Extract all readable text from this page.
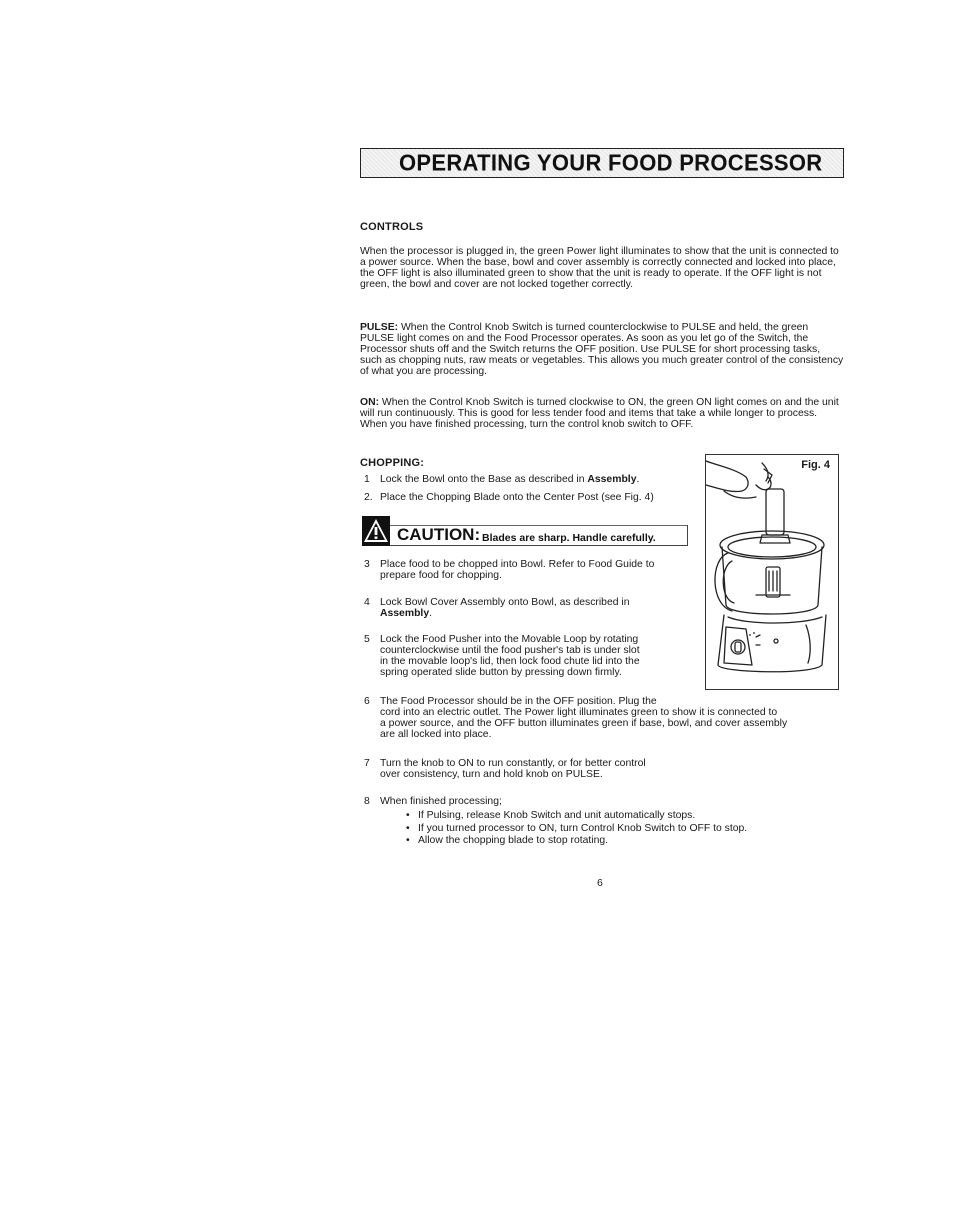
OPERATING YOUR FOOD PROCESSOR
CONTROLS

When the processor is plugged in, the green Power light illuminates to show that the unit is connected to a power source. When the base, bowl and cover assembly is correctly connected and locked into place, the OFF light is also illuminated green to show that the unit is ready to operate. If the OFF light is not green, the bowl and cover are not locked together correctly.

PULSE: When the Control Knob Switch is turned counterclockwise to PULSE and held, the green PULSE light comes on and the Food Processor operates. As soon as you let go of the Switch, the Processor shuts off and the Switch returns the OFF position. Use PULSE for short processing tasks, such as chopping nuts, raw meats or vegetables. This allows you much greater control of the consistency of what you are processing.

ON: When the Control Knob Switch is turned clockwise to ON, the green ON light comes on and the unit will run continuously. This is good for less tender food and items that take a while longer to process. When you have finished processing, turn the control knob switch to OFF.

CHOPPING:
1 Lock the Bowl onto the Base as described in Assembly.
2. Place the Chopping Blade onto the Center Post (see Fig. 4)
3 Place food to be chopped into Bowl. Refer to Food Guide to
prepare food for chopping.
4 Lock Bowl Cover Assembly onto Bowl, as described in
Assembly.
5 Lock the Food Pusher into the Movable Loop by rotating
counterclockwise until the food pusher's tab is under slot
in the movable loop's lid, then lock food chute lid into the
spring operated slide button by pressing down firmly.
6 The Food Processor should be in the OFF position. Plug the
cord into an electric outlet. The Power light illuminates green to show it is connected to
a power source, and the OFF button illuminates green if base, bowl, and cover assembly
are all locked into place.
7 Turn the knob to ON to run constantly, or for better control
over consistency, turn and hold knob on PULSE.
8 When finished processing;
• If Pulsing, release Knob Switch and unit automatically stops.
• If you turned processor to ON, turn Control Knob Switch to OFF to stop.
• Allow the chopping blade to stop rotating.
CAUTION: Blades are sharp. Handle carefully.
Fig. 4
6
